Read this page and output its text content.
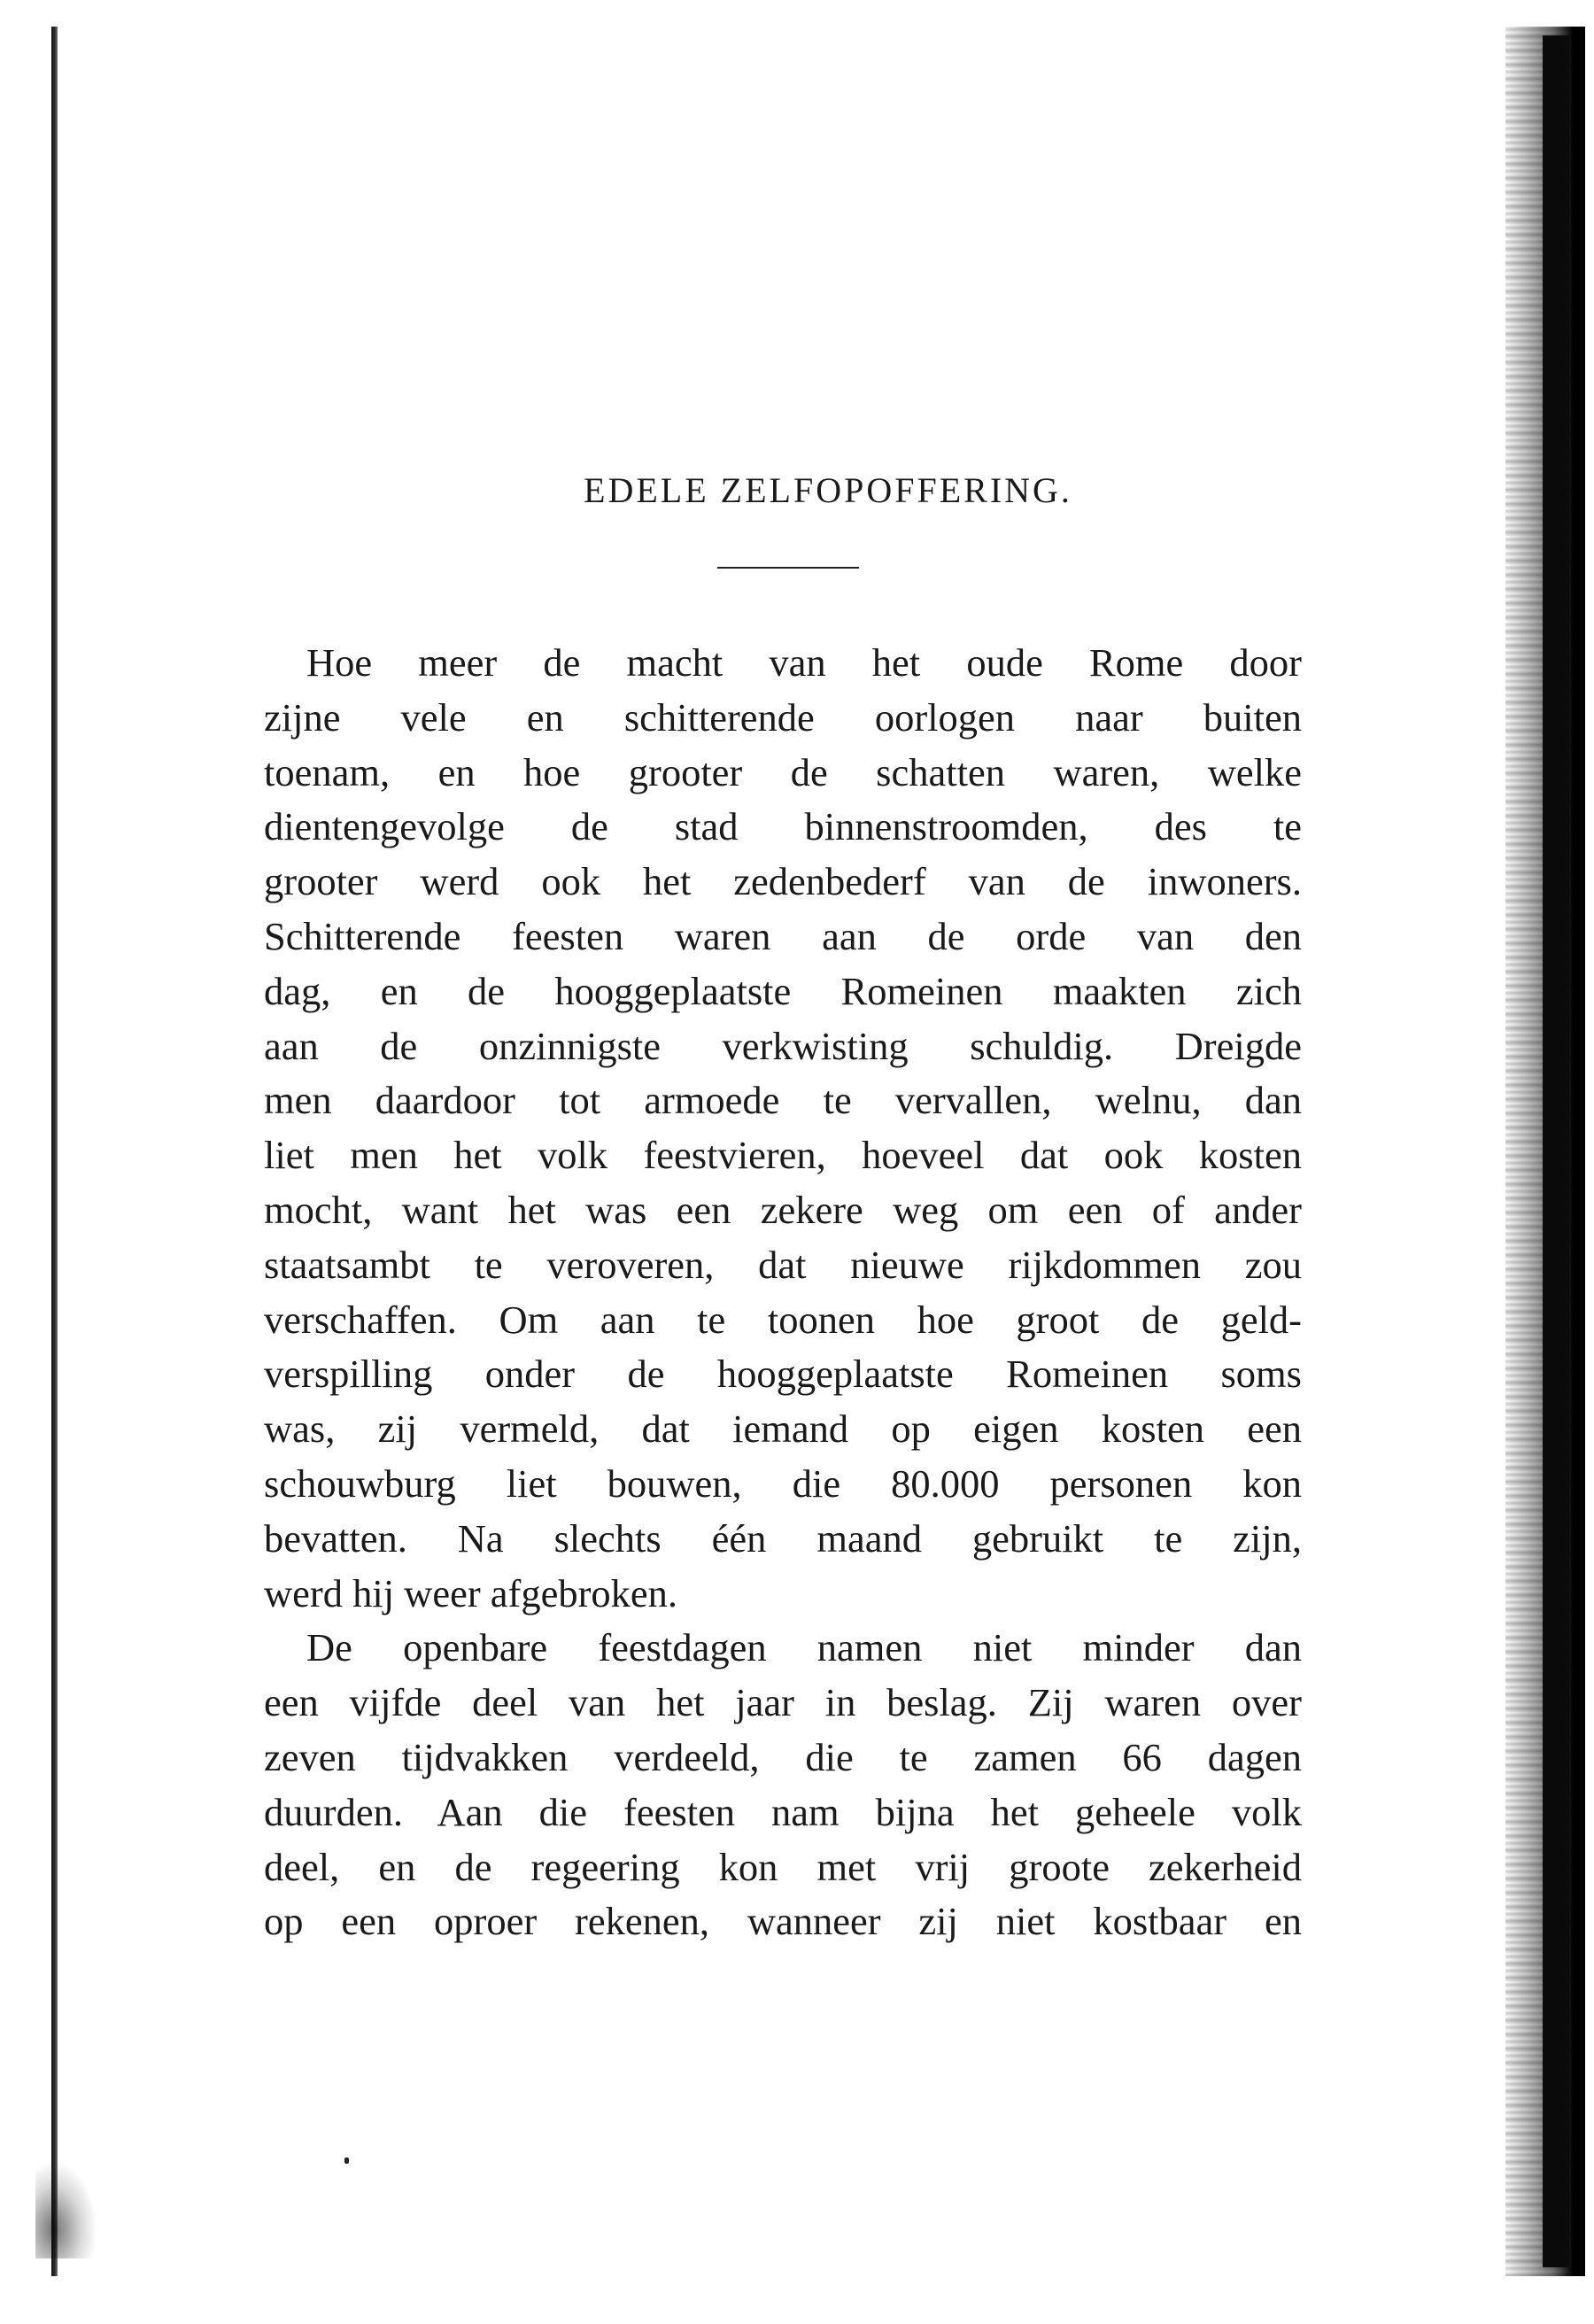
EDELE ZELFOPOFFERING.
Hoe meer de macht van het oude Rome door
zijne vele en schitterende oorlogen naar buiten
toenam, en hoe grooter de schatten waren, welke
dientengevolge de stad binnenstroomden, des te
grooter werd ook het zedenbederf van de inwoners.
Schitterende feesten waren aan de orde van den
dag, en de hooggeplaatste Romeinen maakten zich
aan de onzinnigste verkwisting schuldig. Dreigde
men daardoor tot armoede te vervallen, welnu, dan
liet men het volk feestvieren, hoeveel dat ook kosten
mocht, want het was een zekere weg om een of ander
staatsambt te veroveren, dat nieuwe rijkdommen zou
verschaffen. Om aan te toonen hoe groot de geld-
verspilling onder de hooggeplaatste Romeinen soms
was, zij vermeld, dat iemand op eigen kosten een
schouwburg liet bouwen, die 80.000 personen kon
bevatten. Na slechts één maand gebruikt te zijn,
werd hij weer afgebroken.
De openbare feestdagen namen niet minder dan
een vijfde deel van het jaar in beslag. Zij waren over
zeven tijdvakken verdeeld, die te zamen 66 dagen
duurden. Aan die feesten nam bijna het geheele volk
deel, en de regeering kon met vrij groote zekerheid
op een oproer rekenen, wanneer zij niet kostbaar en
